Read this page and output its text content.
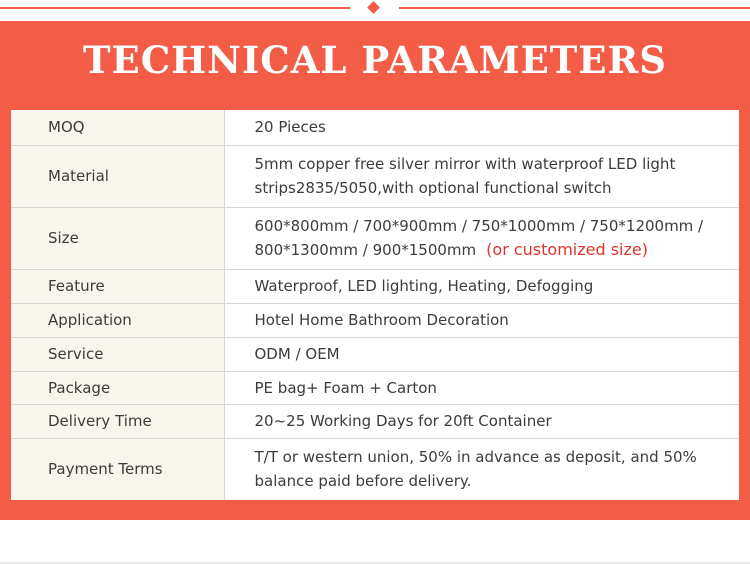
TECHNICAL PARAMETERS
MOQ	20 Pieces
Material	5mm copper free silver mirror with waterproof LED light strips2835/5050,with optional functional switch
Size	600*800mm / 700*900mm / 750*1000mm / 750*1200mm / 800*1300mm / 900*1500mm (or customized size)
Feature	Waterproof, LED lighting, Heating, Defogging
Application	Hotel Home Bathroom Decoration
Service	ODM / OEM
Package	PE bag+ Foam + Carton
Delivery Time	20~25 Working Days for 20ft Container
Payment Terms	T/T or western union, 50% in advance as deposit, and 50% balance paid before delivery.
